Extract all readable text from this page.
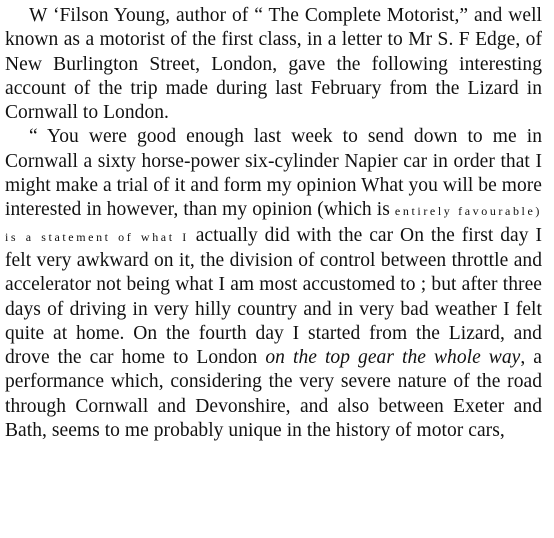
W ‘Filson Young, author of “ The Complete Motorist,” and well known as a motorist of the first class, in a letter to Mr S. F Edge, of New Burlington Street, London, gave the following interesting account of the trip made during last February from the Lizard in Cornwall to London.

“ You were good enough last week to send down to me in Cornwall a sixty horse-power six-cylinder Napier car in order that I might make a trial of it and form my opinion What you will be more interested in however, than my opinion (which is entirely favourable) is a statement of what I actually did with the car On the first day I felt very awkward on it, the division of control between throttle and accelerator not being what I am most accustomed to ; but after three days of driving in very hilly country and in very bad weather I felt quite at home. On the fourth day I started from the Lizard, and drove the car home to London on the top gear the whole way, a performance which, considering the very severe nature of the road through Cornwall and Devonshire, and also between Exeter and Bath, seems to me probably unique in the history of motor cars,
